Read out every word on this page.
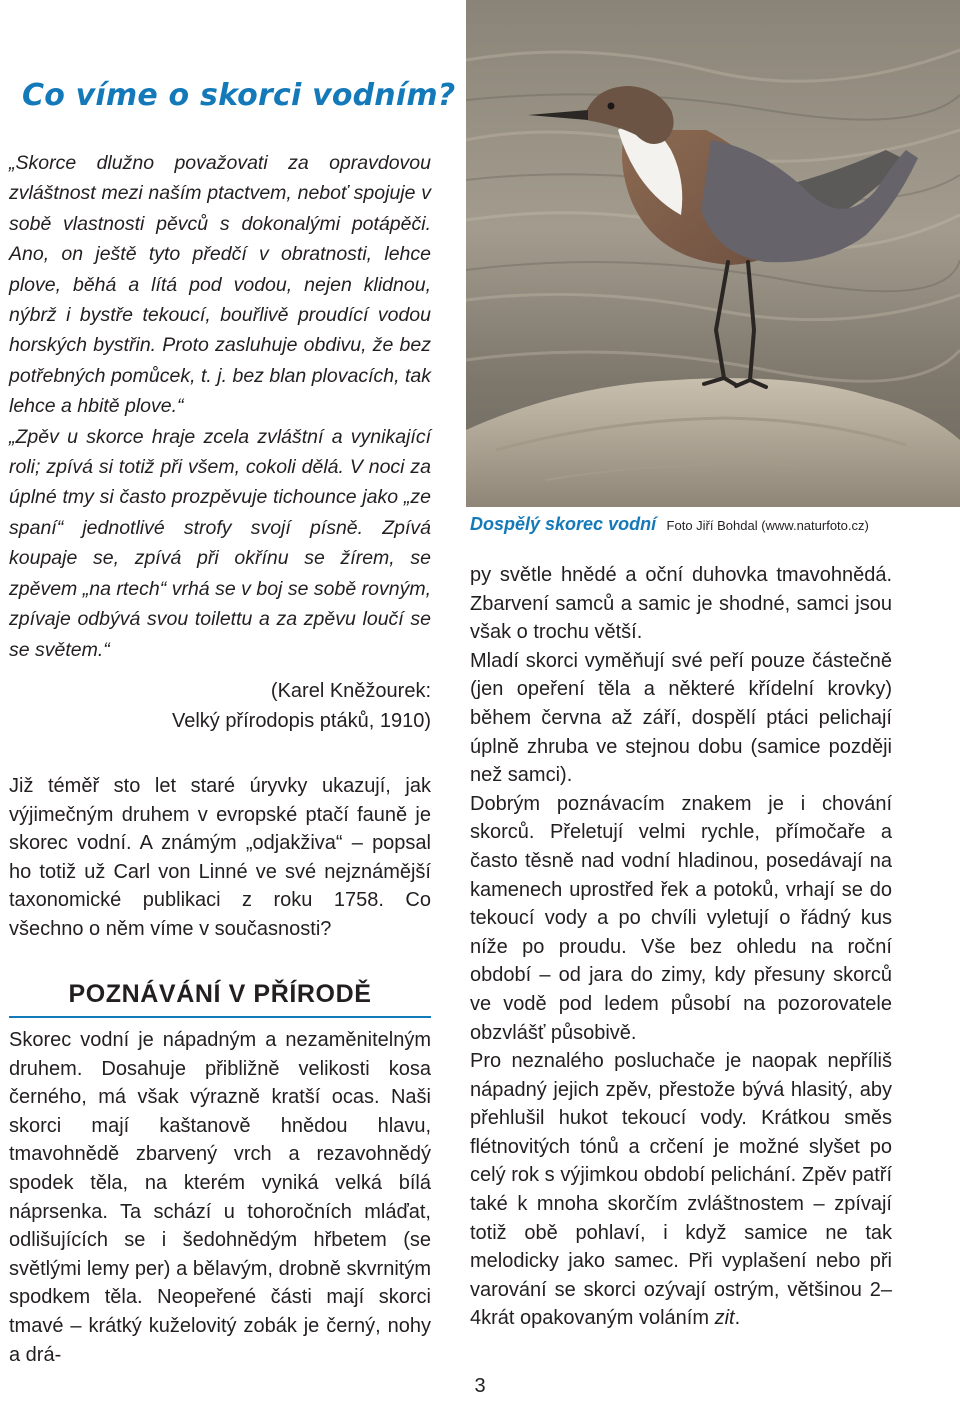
Co víme o skorci vodním?

„Skorce dlužno považovati za opravdovou zvláštnost mezi naším ptactvem, neboť spojuje v sobě vlastnosti pěvců s dokonalými potápěči. Ano, on ještě tyto předčí v obratnosti, lehce plove, běhá a lítá pod vodou, nejen klidnou, nýbrž i bystře tekoucí, bouřlivě proudící vodou horských bystřin. Proto zasluhuje obdivu, že bez potřebných pomůcek, t. j. bez blan plovacích, tak lehce a hbitě plove.“

„Zpěv u skorce hraje zcela zvláštní a vynikající roli; zpívá si totiž při všem, cokoli dělá. V noci za úplné tmy si často prozpěvuje tichounce jako „ze spaní“ jednotlivé strofy svojí písně. Zpívá koupaje se, zpívá při okřínu se žírem, se zpěvem „na rtech“ vrhá se v boj se sobě rovným, zpívaje odbývá svou toilettu a za zpěvu loučí se se světem.“

(Karel Kněžourek:
Velký přírodopis ptáků, 1910)

Již téměř sto let staré úryvky ukazují, jak výjimečným druhem v evropské ptačí fauně je skorec vodní. A známým „odjakživa“ – popsal ho totiž už Carl von Linné ve své nejznámější taxonomické publikaci z roku 1758. Co všechno o něm víme v současnosti?

POZNÁVÁNÍ V PŘÍRODĚ

Skorec vodní je nápadným a nezaměnitelným druhem. Dosahuje přibližně velikosti kosa černého, má však výrazně kratší ocas. Naši skorci mají kaštanově hnědou hlavu, tmavohnědě zbarvený vrch a rezavohnědý spodek těla, na kterém vyniká velká bílá náprsenka. Ta schází u tohoročních mláďat, odlišujících se i šedohnědým hřbetem (se světlými lemy per) a bělavým, drobně skvrnitým spodkem těla. Neopeřené části mají skorci tmavé – krátký kuželovitý zobák je černý, nohy a drá-

Dospělý skorec vodní Foto Jiří Bohdal (www.naturfoto.cz)

py světle hnědé a oční duhovka tmavohnědá. Zbarvení samců a samic je shodné, samci jsou však o trochu větší.

Mladí skorci vyměňují své peří pouze částečně (jen opeření těla a některé křídelní krovky) během června až září, dospělí ptáci pelichají úplně zhruba ve stejnou dobu (samice později než samci).

Dobrým poznávacím znakem je i chování skorců. Přeletují velmi rychle, přímočaře a často těsně nad vodní hladinou, posedávají na kamenech uprostřed řek a potoků, vrhají se do tekoucí vody a po chvíli vyletují o řádný kus níže po proudu. Vše bez ohledu na roční období – od jara do zimy, kdy přesuny skorců ve vodě pod ledem působí na pozorovatele obzvlášť působivě.

Pro neznalého posluchače je naopak nepříliš nápadný jejich zpěv, přestože bývá hlasitý, aby přehlušil hukot tekoucí vody. Krátkou směs flétnovitých tónů a crčení je možné slyšet po celý rok s výjimkou období pelichání. Zpěv patří také k mnoha skorčím zvláštnostem – zpívají totiž obě pohlaví, i když samice ne tak melodicky jako samec. Při vyplašení nebo při varování se skorci ozývají ostrým, většinou 2–4krát opakovaným voláním zit.

3
